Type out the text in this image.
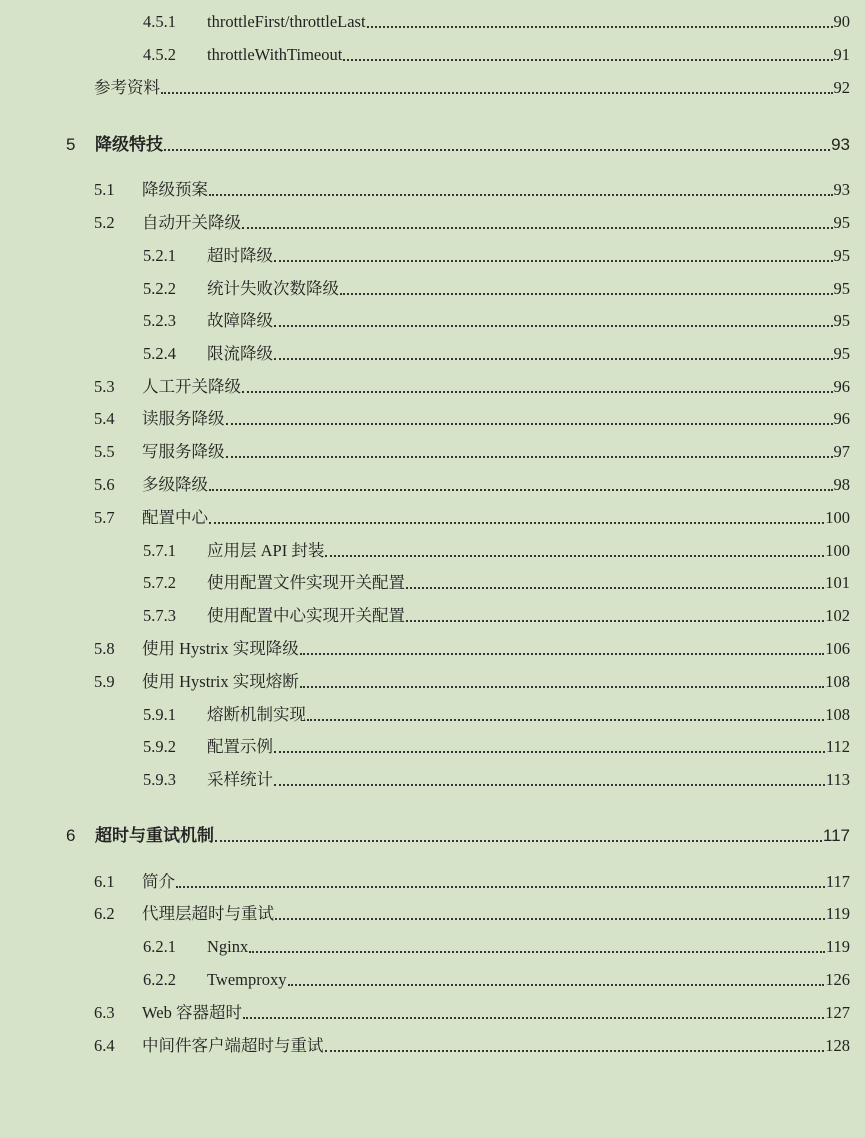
4.5.1	throttleFirst/throttleLast	90
4.5.2	throttleWithTimeout	91
参考资料	92
5	降级特技	93
5.1	降级预案	93
5.2	自动开关降级	95
5.2.1	超时降级	95
5.2.2	统计失败次数降级	95
5.2.3	故障降级	95
5.2.4	限流降级	95
5.3	人工开关降级	96
5.4	读服务降级	96
5.5	写服务降级	97
5.6	多级降级	98
5.7	配置中心	100
5.7.1	应用层 API 封装	100
5.7.2	使用配置文件实现开关配置	101
5.7.3	使用配置中心实现开关配置	102
5.8	使用 Hystrix 实现降级	106
5.9	使用 Hystrix 实现熔断	108
5.9.1	熔断机制实现	108
5.9.2	配置示例	112
5.9.3	采样统计	113
6	超时与重试机制	117
6.1	简介	117
6.2	代理层超时与重试	119
6.2.1	Nginx	119
6.2.2	Twemproxy	126
6.3	Web 容器超时	127
6.4	中间件客户端超时与重试	128
